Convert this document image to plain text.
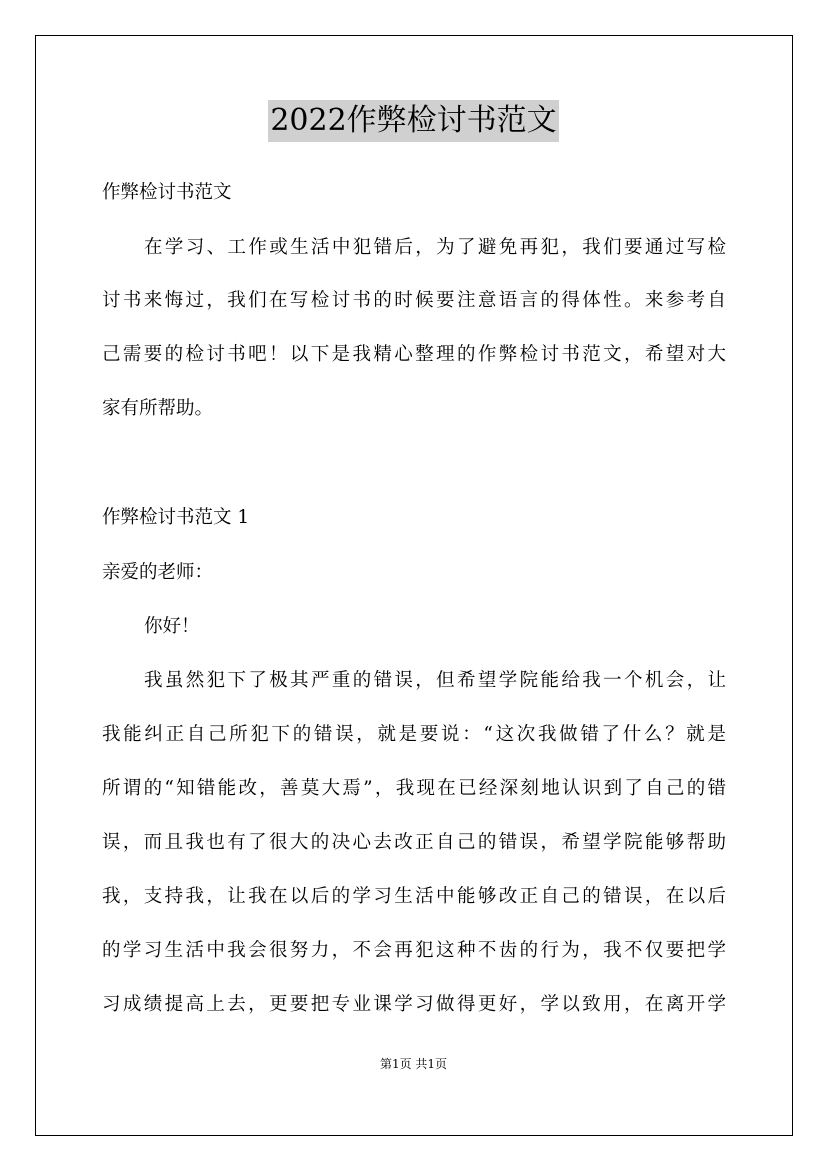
2022作弊检讨书范文
作弊检讨书范文
在学习、工作或生活中犯错后，为了避免再犯，我们要通过写检
讨书来悔过，我们在写检讨书的时候要注意语言的得体性。来参考自
己需要的检讨书吧！以下是我精心整理的作弊检讨书范文，希望对大
家有所帮助。
作弊检讨书范文 1
亲爱的老师：
你好！
我虽然犯下了极其严重的错误，但希望学院能给我一个机会，让
我能纠正自己所犯下的错误，就是要说：“这次我做错了什么？就是
所谓的“知错能改，善莫大焉”，我现在已经深刻地认识到了自己的错
误，而且我也有了很大的决心去改正自己的错误，希望学院能够帮助
我，支持我，让我在以后的学习生活中能够改正自己的错误，在以后
的学习生活中我会很努力，不会再犯这种不齿的行为，我不仅要把学
习成绩提高上去，更要把专业课学习做得更好，学以致用，在离开学
第1页 共1页
